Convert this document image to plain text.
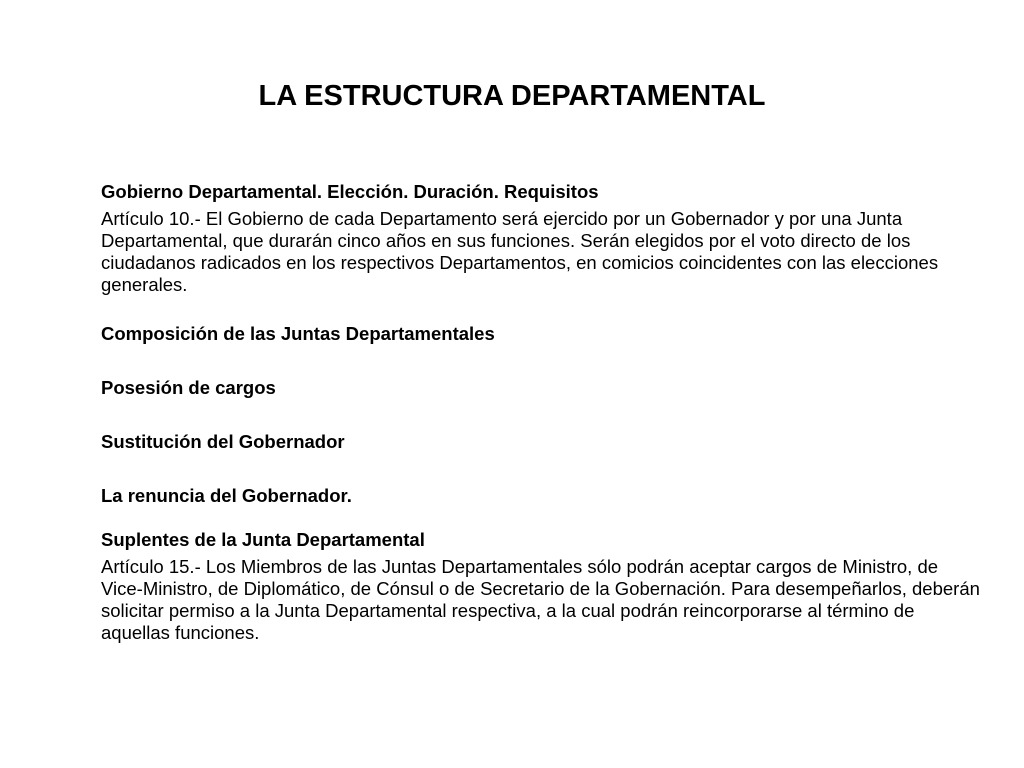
LA ESTRUCTURA DEPARTAMENTAL

Gobierno Departamental. Elección. Duración. Requisitos

Artículo 10.- El Gobierno de cada Departamento será ejercido por un Gobernador y por una Junta Departamental, que durarán cinco años en sus funciones. Serán elegidos por el voto directo de los ciudadanos radicados en los respectivos Departamentos, en comicios coincidentes con las elecciones generales.

Composición de las Juntas Departamentales

Posesión de cargos

Sustitución del Gobernador

La renuncia del Gobernador.

Suplentes de la Junta Departamental

Artículo 15.- Los Miembros de las Juntas Departamentales sólo podrán aceptar cargos de Ministro, de Vice-Ministro, de Diplomático, de Cónsul o de Secretario de la Gobernación. Para desempeñarlos, deberán solicitar permiso a la Junta Departamental respectiva, a la cual podrán reincorporarse al término de aquellas funciones.
